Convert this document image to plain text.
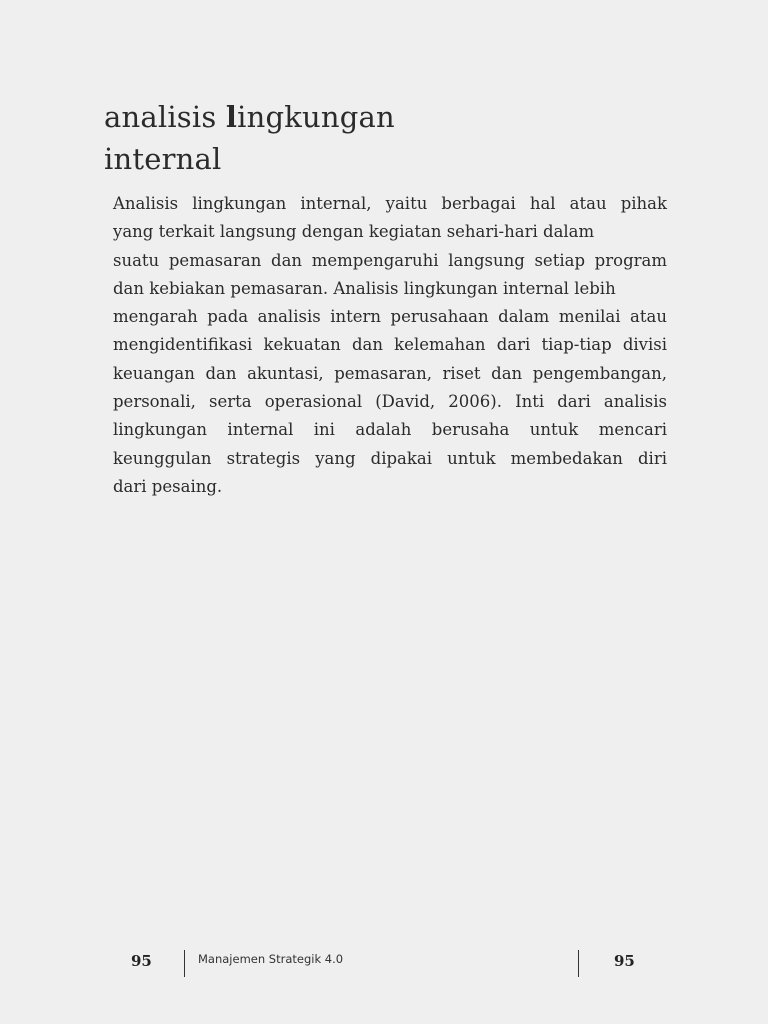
analisis lingkungan
internal
Analisis lingkungan internal, yaitu berbagai hal atau pihak
yang terkait langsung dengan kegiatan sehari-hari dalam
suatu pemasaran dan mempengaruhi langsung setiap program
dan kebiakan pemasaran. Analisis lingkungan internal lebih
mengarah pada analisis intern perusahaan dalam menilai atau
mengidentifikasi kekuatan dan kelemahan dari tiap-tiap divisi
keuangan dan akuntasi, pemasaran, riset dan pengembangan,
personali, serta operasional (David, 2006). Inti dari analisis
lingkungan internal ini adalah berusaha untuk mencari
keunggulan strategis yang dipakai untuk membedakan diri
dari pesaing.
95	Manajemen Strategik 4.0	95
